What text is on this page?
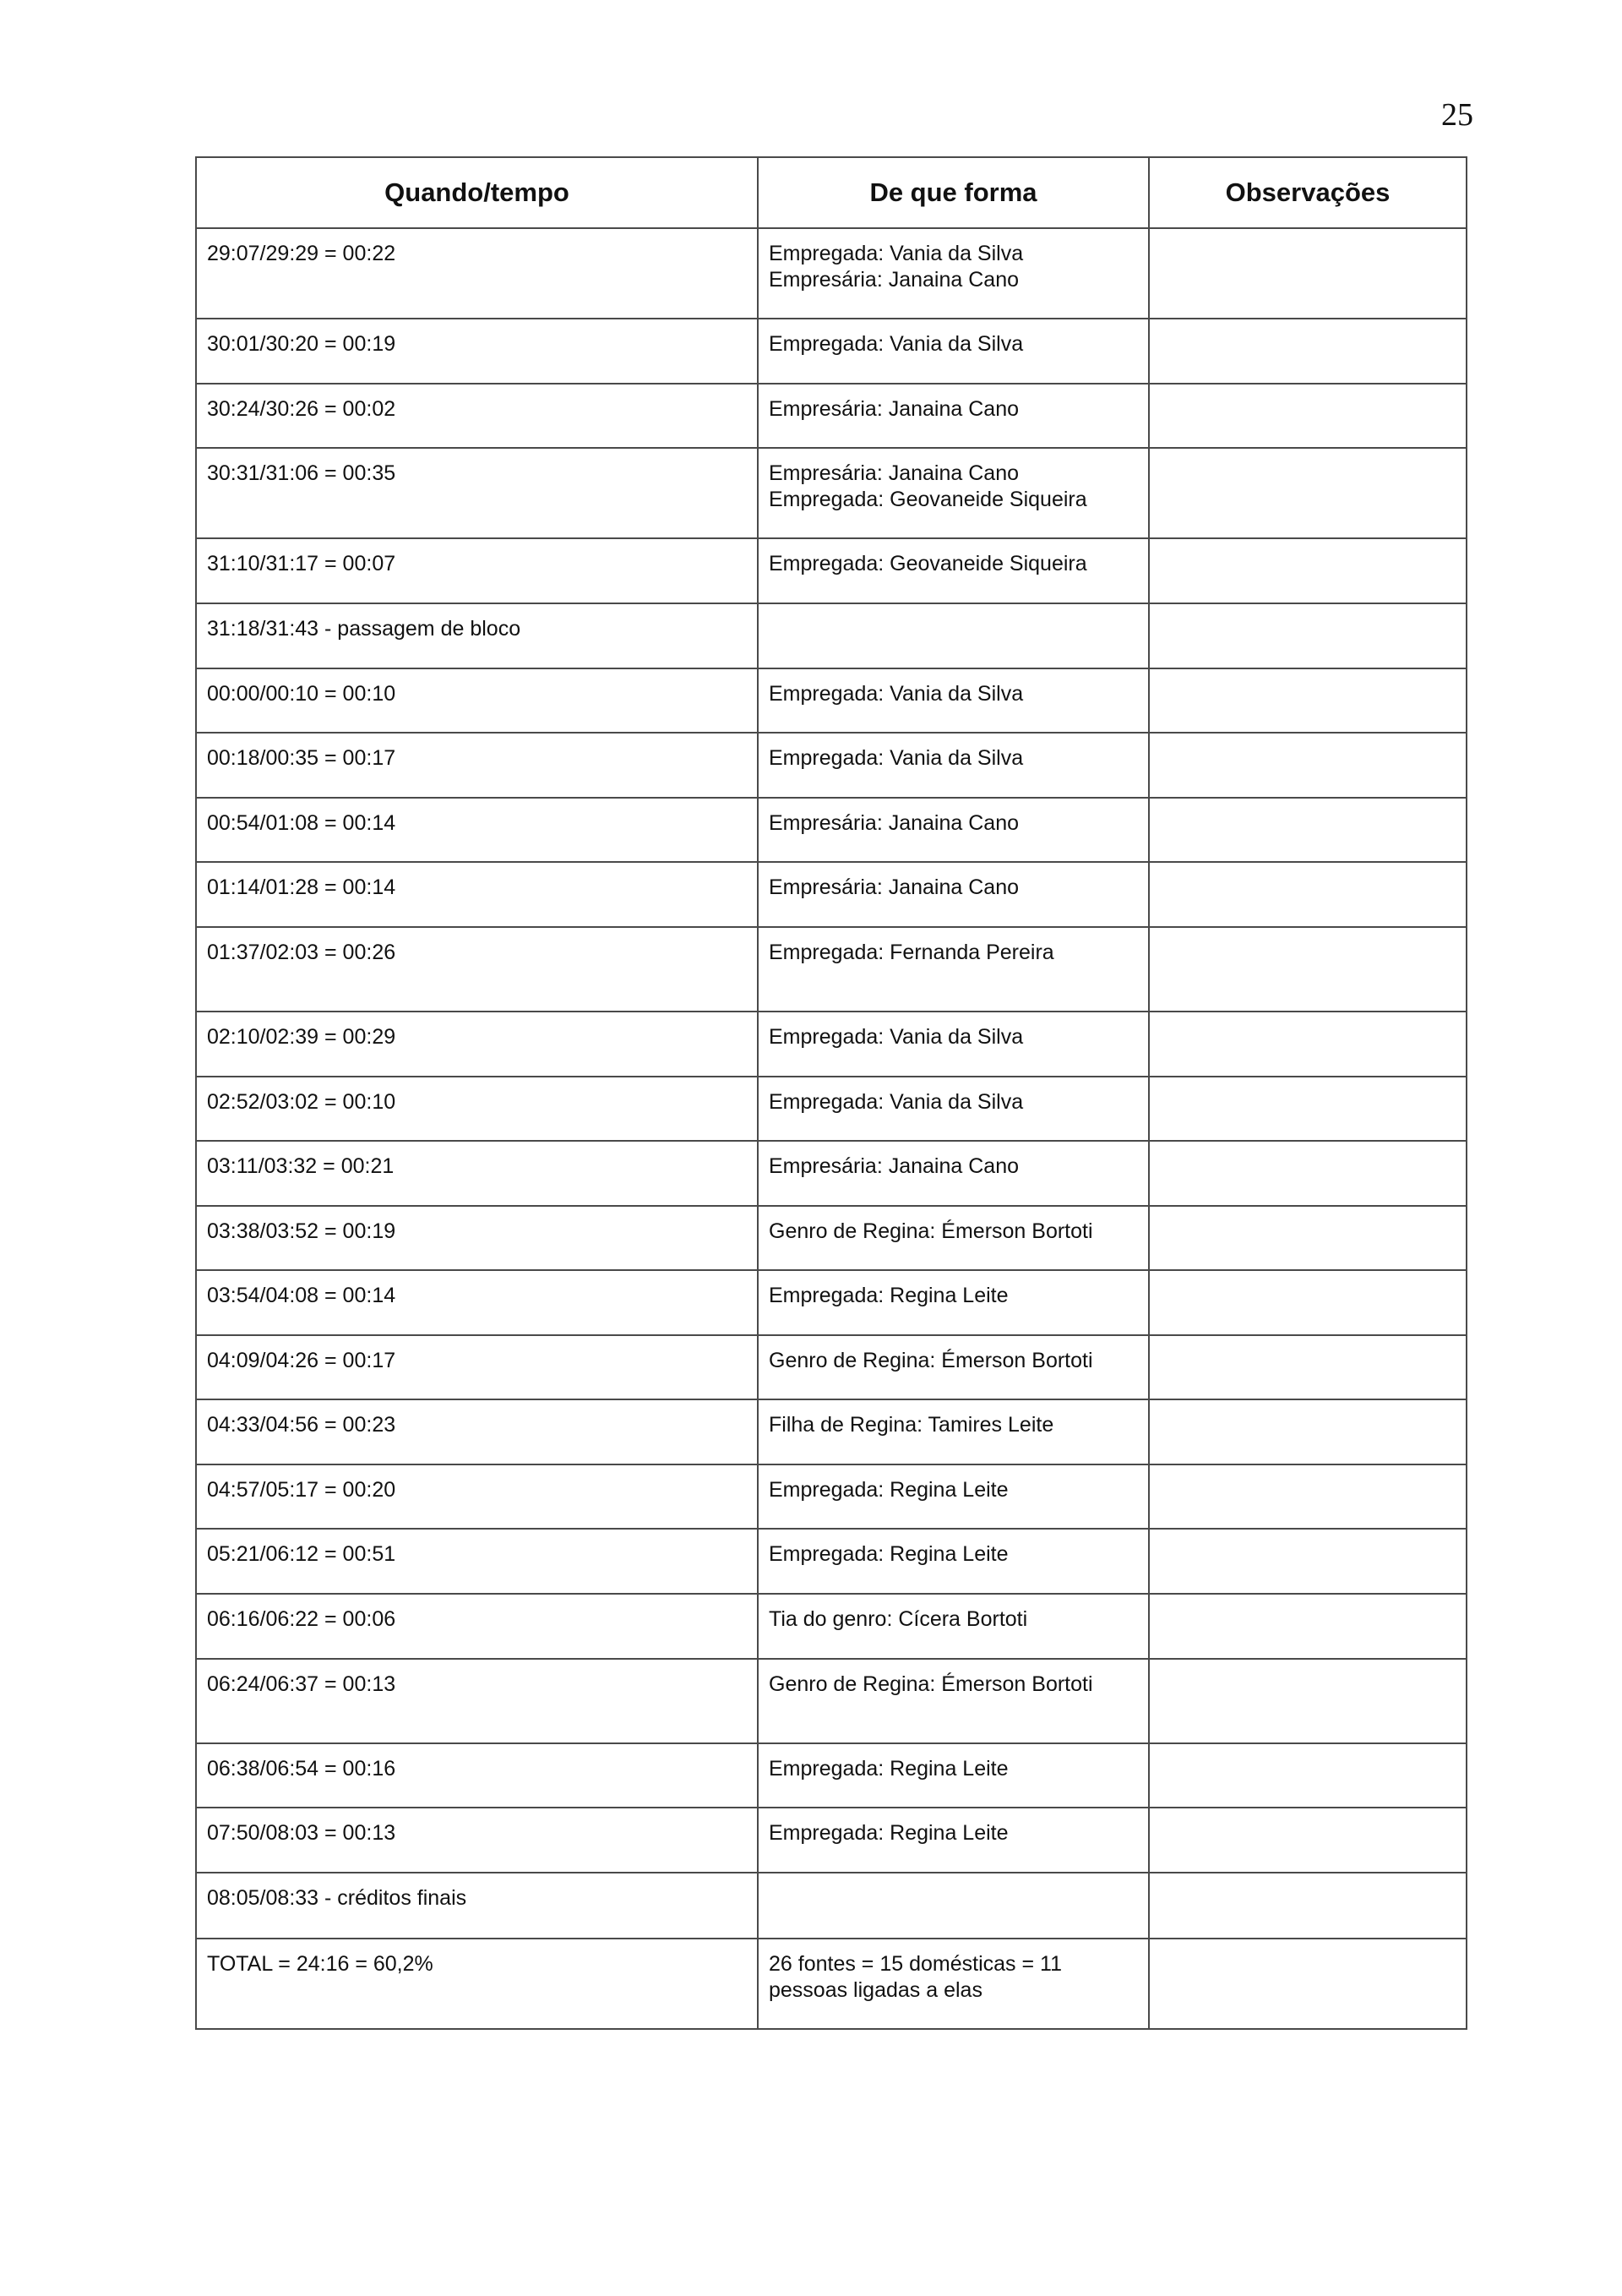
25
Quando/tempo	De que forma	Observações
29:07/29:29 = 00:22	Empregada: Vania da Silva
Empresária: Janaina Cano	
30:01/30:20 = 00:19	Empregada: Vania da Silva	
30:24/30:26 = 00:02	Empresária: Janaina Cano	
30:31/31:06 = 00:35	Empresária: Janaina Cano
Empregada: Geovaneide Siqueira	
31:10/31:17 = 00:07	Empregada: Geovaneide Siqueira	
31:18/31:43 - passagem de bloco		
00:00/00:10 = 00:10	Empregada: Vania da Silva	
00:18/00:35 = 00:17	Empregada: Vania da Silva	
00:54/01:08 = 00:14	Empresária: Janaina Cano	
01:14/01:28 = 00:14	Empresária: Janaina Cano	
01:37/02:03 = 00:26	Empregada: Fernanda Pereira	
02:10/02:39 = 00:29	Empregada: Vania da Silva	
02:52/03:02 = 00:10	Empregada: Vania da Silva	
03:11/03:32 = 00:21	Empresária: Janaina Cano	
03:38/03:52 = 00:19	Genro de Regina: Émerson Bortoti	
03:54/04:08 = 00:14	Empregada: Regina Leite	
04:09/04:26 = 00:17	Genro de Regina: Émerson Bortoti	
04:33/04:56 = 00:23	Filha de Regina: Tamires Leite	
04:57/05:17 = 00:20	Empregada: Regina Leite	
05:21/06:12 = 00:51	Empregada: Regina Leite	
06:16/06:22 = 00:06	Tia do genro: Cícera Bortoti	
06:24/06:37 = 00:13	Genro de Regina: Émerson Bortoti	
06:38/06:54 = 00:16	Empregada: Regina Leite	
07:50/08:03 = 00:13	Empregada: Regina Leite	
08:05/08:33 - créditos finais		
TOTAL = 24:16 = 60,2%	26 fontes = 15 domésticas = 11
pessoas ligadas a elas	
